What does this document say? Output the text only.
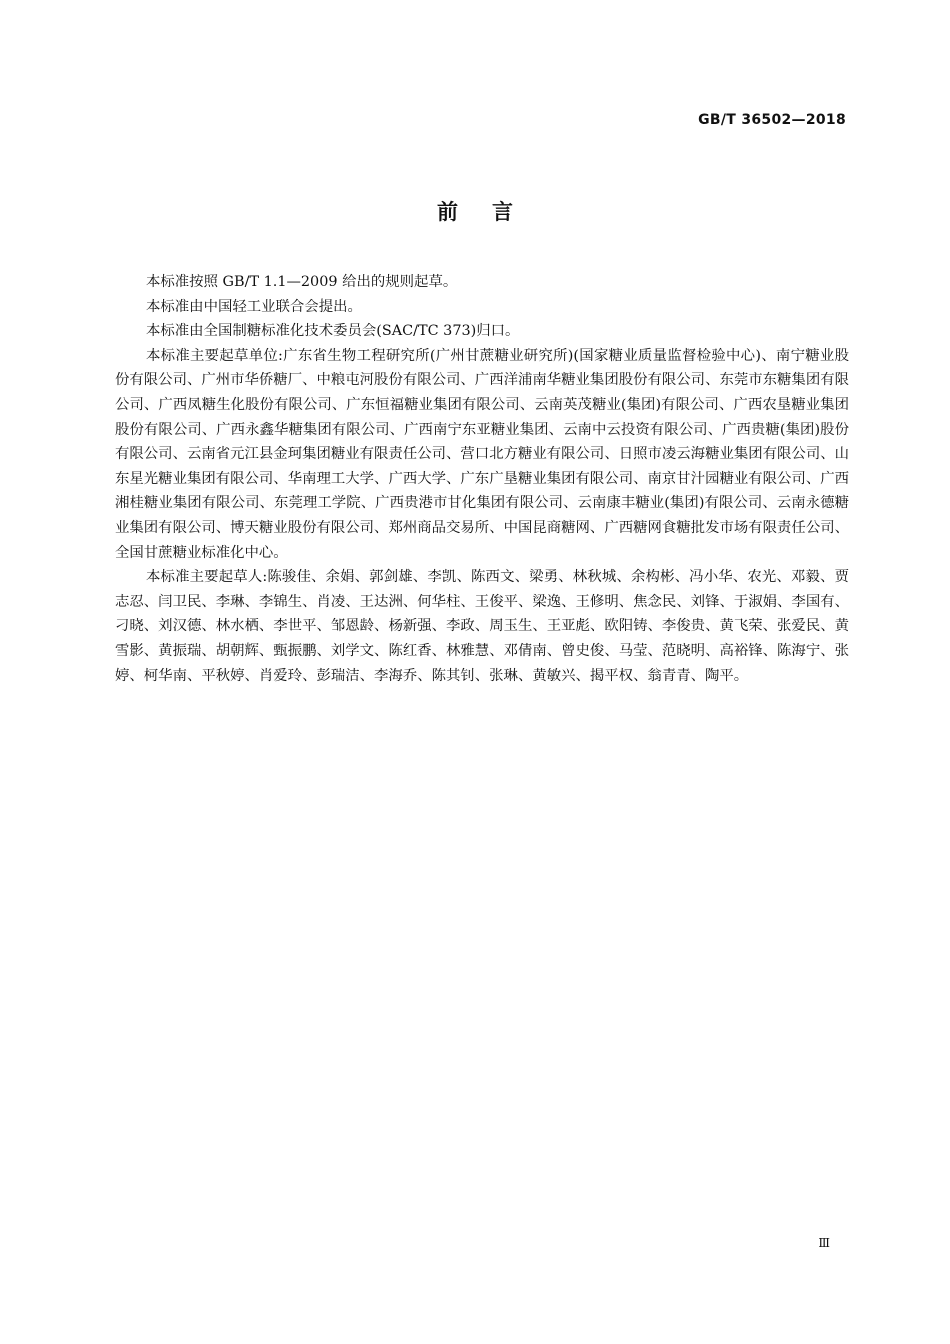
GB/T 36502—2018
前言

本标准按照 GB/T 1.1—2009 给出的规则起草。

本标准由中国轻工业联合会提出。

本标准由全国制糖标准化技术委员会(SAC/TC 373)归口。

本标准主要起草单位:广东省生物工程研究所(广州甘蔗糖业研究所)(国家糖业质量监督检验中心)、南宁糖业股份有限公司、广州市华侨糖厂、中粮屯河股份有限公司、广西洋浦南华糖业集团股份有限公司、东莞市东糖集团有限公司、广西凤糖生化股份有限公司、广东恒福糖业集团有限公司、云南英茂糖业(集团)有限公司、广西农垦糖业集团股份有限公司、广西永鑫华糖集团有限公司、广西南宁东亚糖业集团、云南中云投资有限公司、广西贵糖(集团)股份有限公司、云南省元江县金珂集团糖业有限责任公司、营口北方糖业有限公司、日照市凌云海糖业集团有限公司、山东星光糖业集团有限公司、华南理工大学、广西大学、广东广垦糖业集团有限公司、南京甘汁园糖业有限公司、广西湘桂糖业集团有限公司、东莞理工学院、广西贵港市甘化集团有限公司、云南康丰糖业(集团)有限公司、云南永德糖业集团有限公司、博天糖业股份有限公司、郑州商品交易所、中国昆商糖网、广西糖网食糖批发市场有限责任公司、全国甘蔗糖业标准化中心。

本标准主要起草人:陈骏佳、余娟、郭剑雄、李凯、陈西文、梁勇、林秋城、余构彬、冯小华、农光、邓毅、贾志忍、闫卫民、李琳、李锦生、肖凌、王达洲、何华柱、王俊平、梁逸、王修明、焦念民、刘锋、于淑娟、李国有、刁晓、刘汉德、林水栖、李世平、邹恩龄、杨新强、李政、周玉生、王亚彪、欧阳铸、李俊贵、黄飞荣、张爱民、黄雪影、黄振瑞、胡朝辉、甄振鹏、刘学文、陈红香、林雅慧、邓倩南、曾史俊、马莹、范晓明、高裕锋、陈海宁、张婷、柯华南、平秋婷、肖爱玲、彭瑞洁、李海乔、陈其钊、张琳、黄敏兴、揭平权、翁青青、陶平。

Ⅲ
